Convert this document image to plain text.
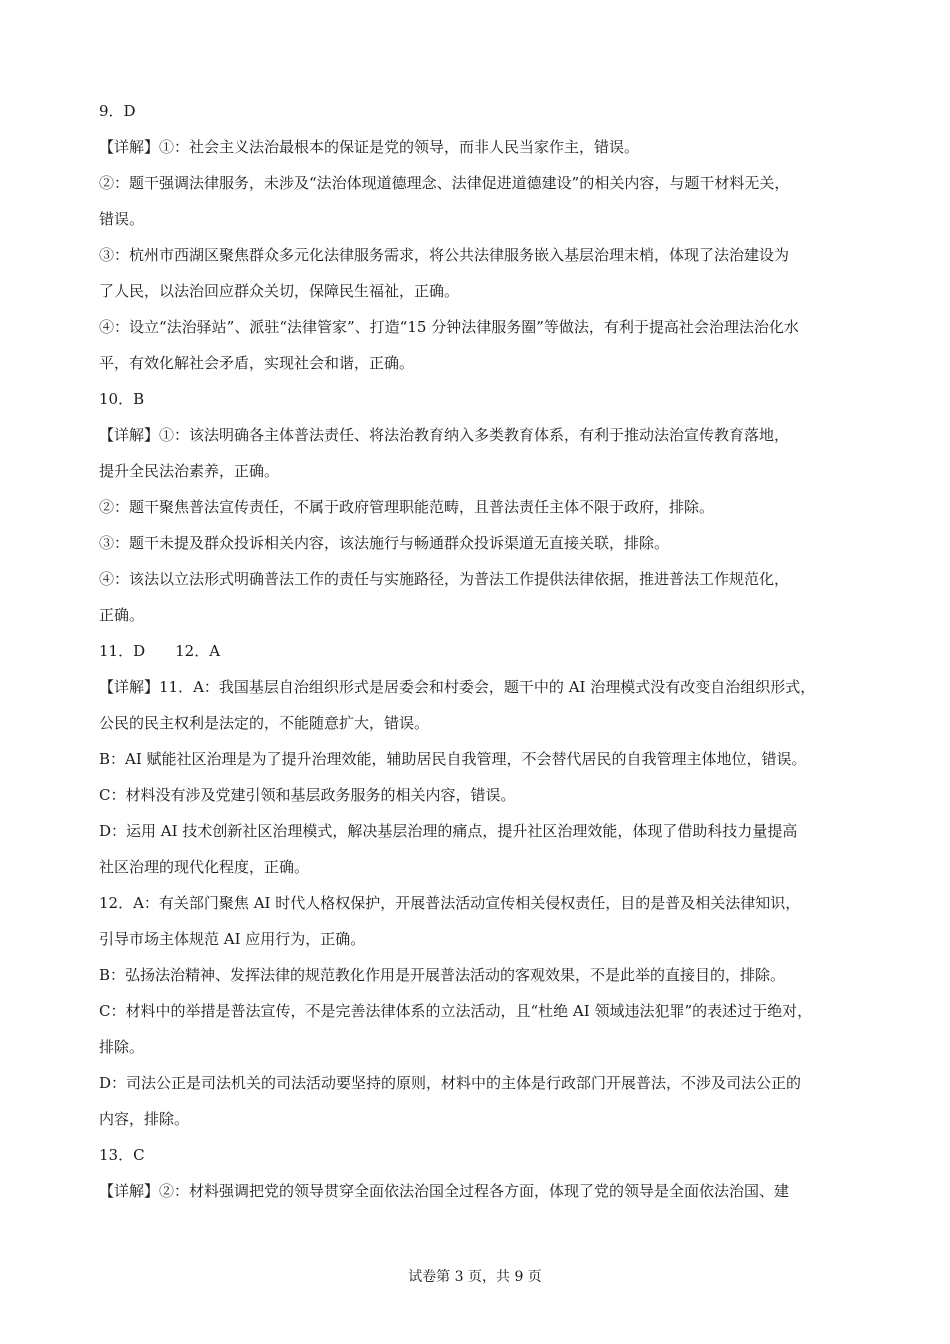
9．D
【详解】①：社会主义法治最根本的保证是党的领导，而非人民当家作主，错误。
②：题干强调法律服务，未涉及“法治体现道德理念、法律促进道德建设”的相关内容，与题干材料无关，
错误。
③：杭州市西湖区聚焦群众多元化法律服务需求，将公共法律服务嵌入基层治理末梢，体现了法治建设为
了人民，以法治回应群众关切，保障民生福祉，正确。
④：设立“法治驿站”、派驻“法律管家”、打造“15 分钟法律服务圈”等做法，有利于提高社会治理法治化水
平，有效化解社会矛盾，实现社会和谐，正确。
10．B
【详解】①：该法明确各主体普法责任、将法治教育纳入多类教育体系，有利于推动法治宣传教育落地，
提升全民法治素养，正确。
②：题干聚焦普法宣传责任，不属于政府管理职能范畴，且普法责任主体不限于政府，排除。
③：题干未提及群众投诉相关内容，该法施行与畅通群众投诉渠道无直接关联，排除。
④：该法以立法形式明确普法工作的责任与实施路径，为普法工作提供法律依据，推进普法工作规范化，
正确。
11．D　　12．A
【详解】11．A：我国基层自治组织形式是居委会和村委会，题干中的 AI 治理模式没有改变自治组织形式，
公民的民主权利是法定的，不能随意扩大，错误。
B：AI 赋能社区治理是为了提升治理效能，辅助居民自我管理，不会替代居民的自我管理主体地位，错误。
C：材料没有涉及党建引领和基层政务服务的相关内容，错误。
D：运用 AI 技术创新社区治理模式，解决基层治理的痛点，提升社区治理效能，体现了借助科技力量提高
社区治理的现代化程度，正确。
12．A：有关部门聚焦 AI 时代人格权保护，开展普法活动宣传相关侵权责任，目的是普及相关法律知识，
引导市场主体规范 AI 应用行为，正确。
B：弘扬法治精神、发挥法律的规范教化作用是开展普法活动的客观效果，不是此举的直接目的，排除。
C：材料中的举措是普法宣传，不是完善法律体系的立法活动，且“杜绝 AI 领域违法犯罪”的表述过于绝对，
排除。
D：司法公正是司法机关的司法活动要坚持的原则，材料中的主体是行政部门开展普法，不涉及司法公正的
内容，排除。
13．C
【详解】②：材料强调把党的领导贯穿全面依法治国全过程各方面，体现了党的领导是全面依法治国、建
试卷第 3 页，共 9 页
